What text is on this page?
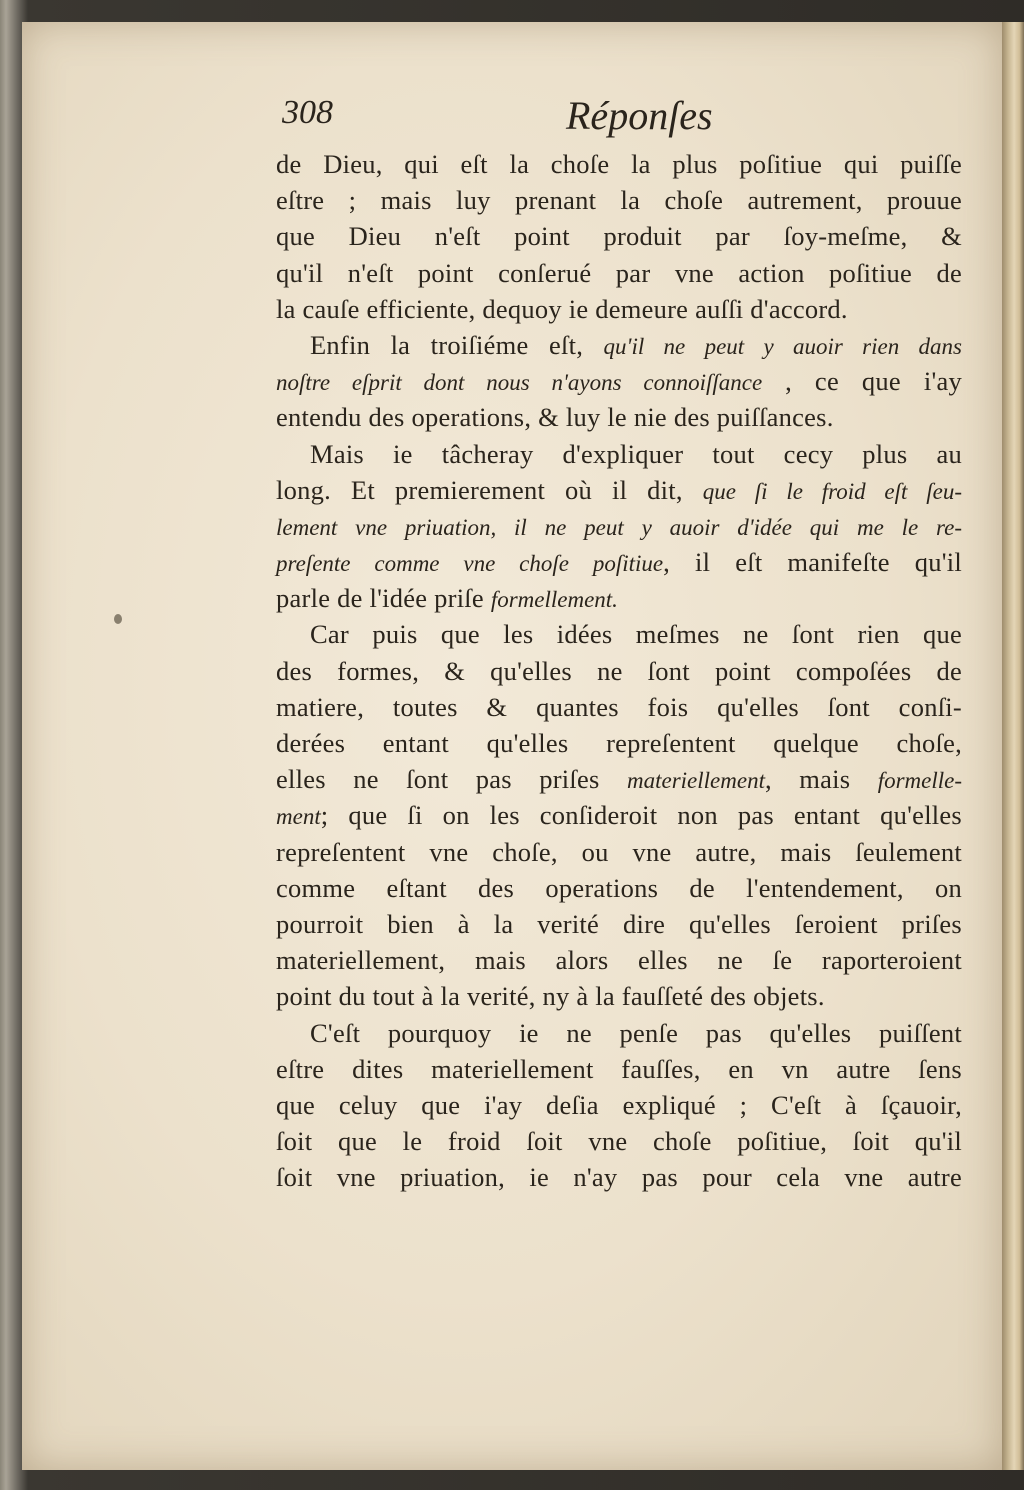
308	Réponſes
de Dieu, qui eſt la choſe la plus poſitiue qui puiſſe
eſtre ; mais luy prenant la choſe autrement, prouue
que Dieu n'eſt point produit par ſoy-meſme, &
qu'il n'eſt point conſerué par vne action poſitiue de
la cauſe efficiente, dequoy ie demeure auſſi d'accord.
Enfin la troiſiéme eſt, qu'il ne peut y auoir rien dans
noſtre eſprit dont nous n'ayons connoiſſance , ce que i'ay
entendu des operations, & luy le nie des puiſſances.
Mais ie tâcheray d'expliquer tout cecy plus au
long. Et premierement où il dit, que ſi le froid eſt ſeu-
lement vne priuation, il ne peut y auoir d'idée qui me le re-
preſente comme vne choſe poſitiue, il eſt manifeſte qu'il
parle de l'idée priſe formellement.
Car puis que les idées meſmes ne ſont rien que
des formes, & qu'elles ne ſont point compoſées de
matiere, toutes & quantes fois qu'elles ſont conſi-
derées entant qu'elles repreſentent quelque choſe,
elles ne ſont pas priſes materiellement, mais formelle-
ment; que ſi on les conſideroit non pas entant qu'elles
repreſentent vne choſe, ou vne autre, mais ſeulement
comme eſtant des operations de l'entendement, on
pourroit bien à la verité dire qu'elles ſeroient priſes
materiellement, mais alors elles ne ſe raporteroient
point du tout à la verité, ny à la fauſſeté des objets.
C'eſt pourquoy ie ne penſe pas qu'elles puiſſent
eſtre dites materiellement fauſſes, en vn autre ſens
que celuy que i'ay deſia expliqué ; C'eſt à ſçauoir,
ſoit que le froid ſoit vne choſe poſitiue, ſoit qu'il
ſoit vne priuation, ie n'ay pas pour cela vne autre
